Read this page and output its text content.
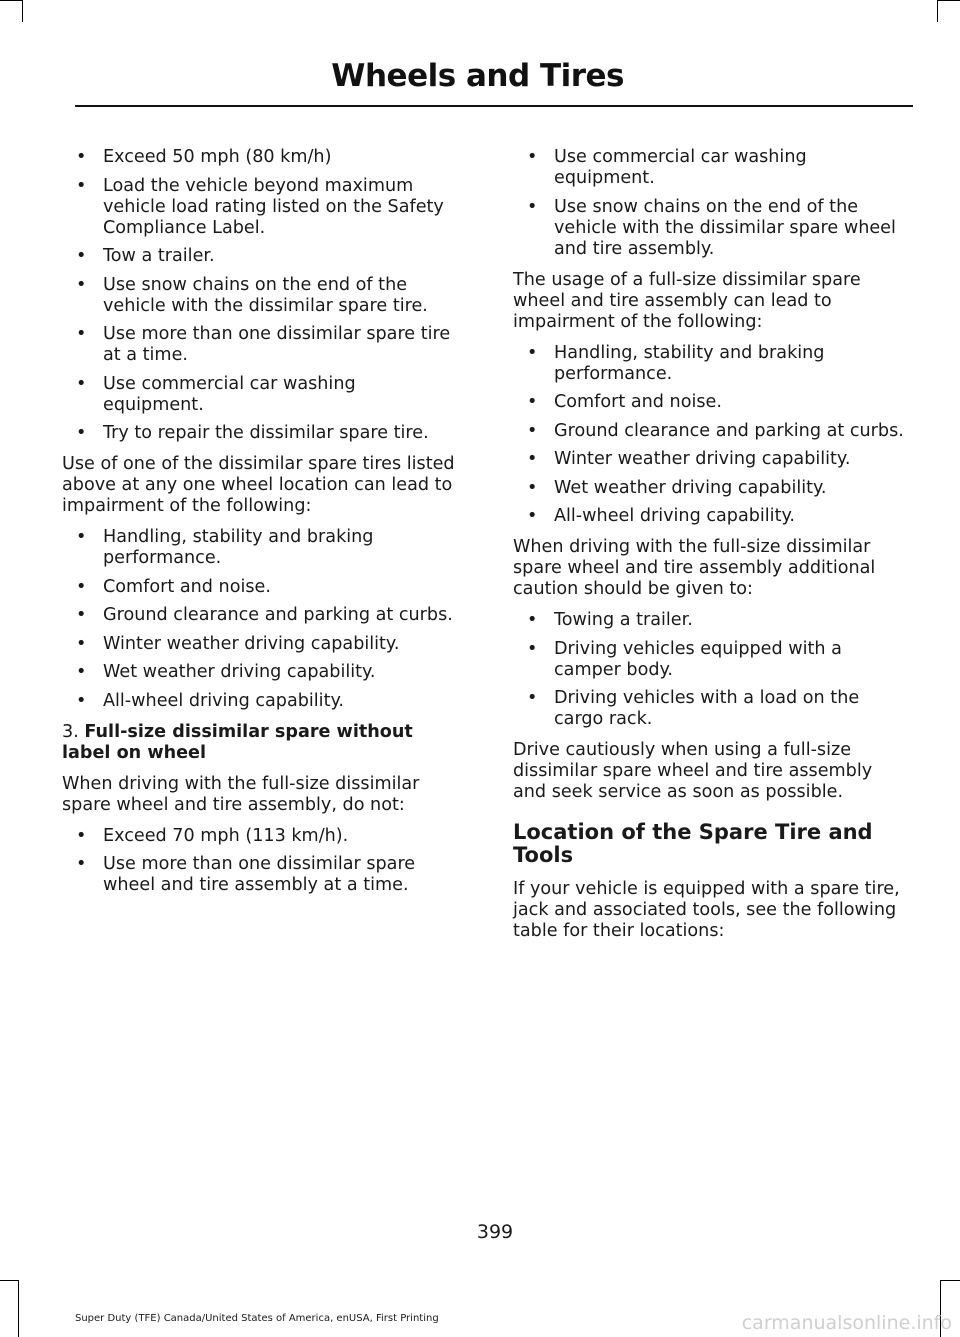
Wheels and Tires
• Exceed 50 mph (80 km/h)
• Load the vehicle beyond maximum vehicle load rating listed on the Safety Compliance Label.
• Tow a trailer.
• Use snow chains on the end of the vehicle with the dissimilar spare tire.
• Use more than one dissimilar spare tire at a time.
• Use commercial car washing equipment.
• Try to repair the dissimilar spare tire.

Use of one of the dissimilar spare tires listed above at any one wheel location can lead to impairment of the following:

• Handling, stability and braking performance.
• Comfort and noise.
• Ground clearance and parking at curbs.
• Winter weather driving capability.
• Wet weather driving capability.
• All-wheel driving capability.

3. Full-size dissimilar spare without label on wheel

When driving with the full-size dissimilar spare wheel and tire assembly, do not:

• Exceed 70 mph (113 km/h).
• Use more than one dissimilar spare wheel and tire assembly at a time.
• Use commercial car washing equipment.
• Use snow chains on the end of the vehicle with the dissimilar spare wheel and tire assembly.

The usage of a full-size dissimilar spare wheel and tire assembly can lead to impairment of the following:

• Handling, stability and braking performance.
• Comfort and noise.
• Ground clearance and parking at curbs.
• Winter weather driving capability.
• Wet weather driving capability.
• All-wheel driving capability.

When driving with the full-size dissimilar spare wheel and tire assembly additional caution should be given to:

• Towing a trailer.
• Driving vehicles equipped with a camper body.
• Driving vehicles with a load on the cargo rack.

Drive cautiously when using a full-size dissimilar spare wheel and tire assembly and seek service as soon as possible.

Location of the Spare Tire and Tools

If your vehicle is equipped with a spare tire, jack and associated tools, see the following table for their locations:

399
Super Duty (TFE) Canada/United States of America, enUSA, First Printing	carmanualsonline.info
